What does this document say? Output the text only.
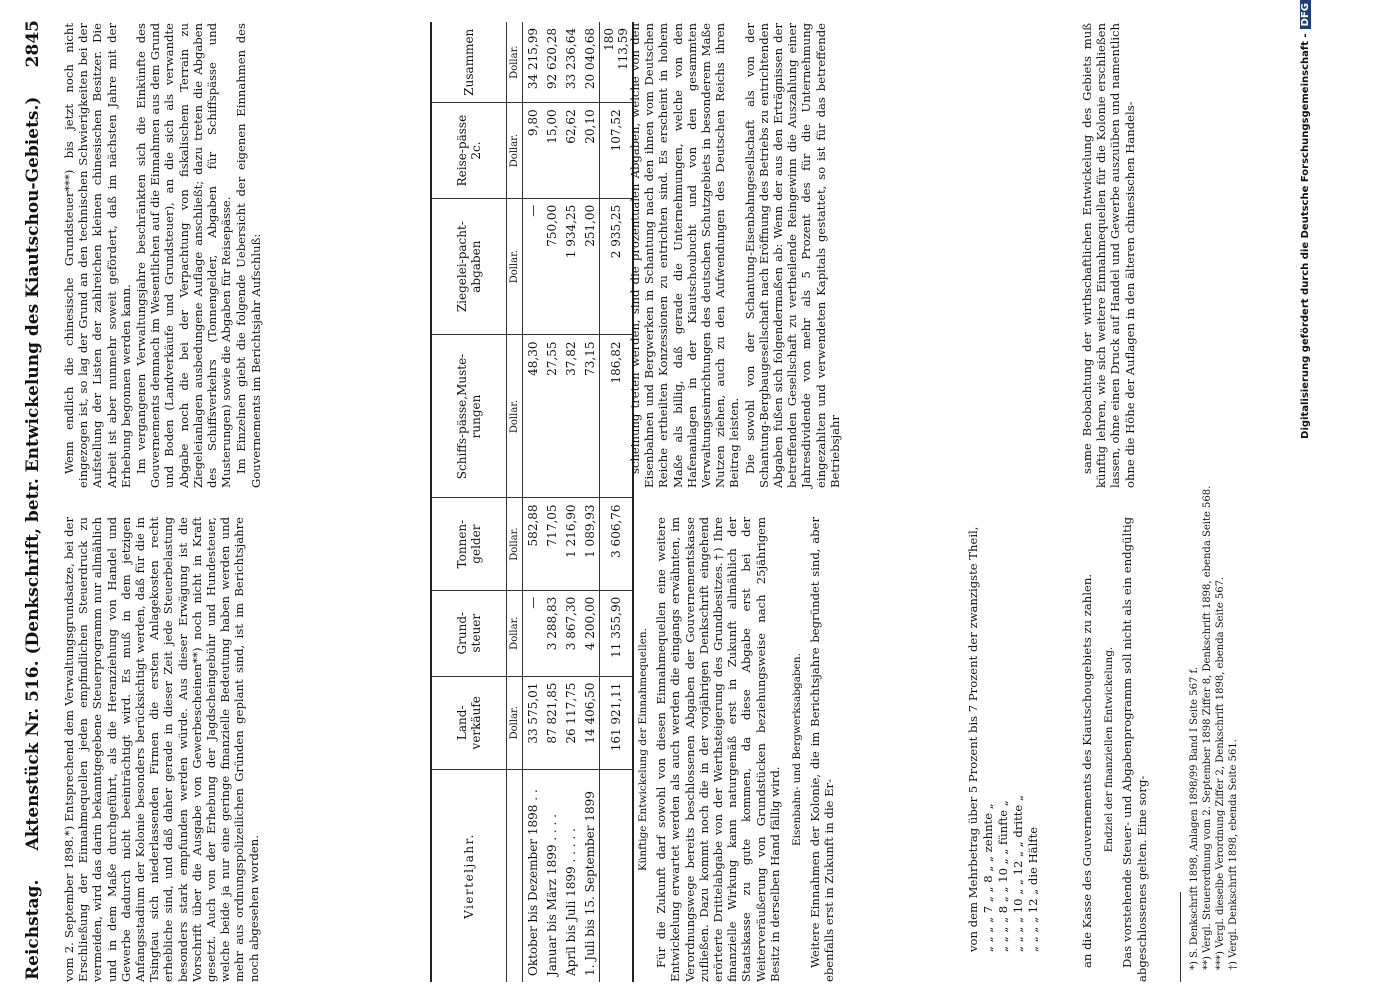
Reichstag.
Aktenstück Nr. 516. (Denkschrift, betr. Entwickelung des Kiautschou-Gebiets.)
2845

vom 2. September 1898.*) Entsprechend dem Verwaltungsgrundsatze, bei der Erschließung der Einnahmequellen jeden empfindlichen Steuerdruck zu vermeiden, wird das darin bekanntgegebene Steuerprogramm nur allmählich und in dem Maße durchgeführt, als die Heranziehung von Handel und Gewerbe dadurch nicht beeinträchtigt wird. Es muß in dem jetzigen Anfangsstadium der Kolonie besonders berücksichtigt werden, daß für die in Tsingtau sich niederlassenden Firmen die ersten Anlagekosten recht erhebliche sind, und daß daher gerade in dieser Zeit jede Steuerbelastung besonders stark empfunden werden würde. Aus dieser Erwägung ist die Vorschrift über die Ausgabe von Gewerbescheinen**) noch nicht in Kraft gesetzt. Auch von der Erhebung der Jagdscheingebühr und Hundesteuer, welche beide ja nur eine geringe finanzielle Bedeutung haben werden und mehr aus ordnungspolizeilichen Gründen geplant sind, ist im Berichtsjahre noch abgesehen worden.

Wenn endlich die chinesische Grundsteuer***) bis jetzt noch nicht eingezogen ist, so lag der Grund an den technischen Schwierigkeiten bei der Aufstellung der Listen der zahlreichen kleinen chinesischen Besitzer. Die Arbeit ist aber nunmehr soweit gefördert, daß im nächsten Jahre mit der Erhebung begonnen werden kann. Im vergangenen Verwaltungsjahre beschränkten sich die Einkünfte des Gouvernements demnach im Wesentlichen auf die Einnahmen aus dem Grund und Boden (Landverkäufe und Grundsteuer), an die sich als verwandte Abgabe noch die bei der Verpachtung von fiskalischem Terrain zu Ziegeleianlagen ausbedungene Auflage anschließt; dazu treten die Abgaben des Schiffsverkehrs (Tonnengelder, Abgaben für Schiffspässe und Musterungen) sowie die Abgaben für Reisepässe. Im Einzelnen giebt die folgende Uebersicht der eigenen Einnahmen des Gouvernements im Berichtsjahr Aufschluß:

Vierteljahr.	Land-verkäufe	Grund-steuer	Tonnen-gelder	Schiffs-pässe,Muste-rungen	Ziegelei-pacht-abgaben	Reise-pässe 2c.	Zusammen
	Dollar.	Dollar.	Dollar.	Dollar.	Dollar.	Dollar.	Dollar.
Oktober bis Dezember 1898 . .	33 575,01	—	582,88	48,30	—	9,80	34 215,99
Januar bis März 1899 . . . .	87 821,85	3 288,83	717,05	27,55	750,00	15,00	92 620,28
April bis Juli 1899 . . . . .	26 117,75	3 867,30	1 216,90	37,82	1 934,25	62,62	33 236,64
1. Juli bis 15. September 1899	14 406,50	4 200,00	1 089,93	73,15	251,00	20,10	20 040,68
	161 921,11	11 355,90	3 606,76	186,82	2 935,25	107,52	180 113,59
Künftige Entwickelung der Einnahmequellen. Für die Zukunft darf sowohl von diesen Einnahmequellen eine weitere Entwickelung erwartet werden als auch werden die eingangs erwähnten, im Verordnungswege bereits beschlossenen Abgaben der Gouvernementskasse zufließen. Dazu kommt noch die in der vorjährigen Denkschrift eingehend erörterte Drittelabgabe von der Werthsteigerung des Grundbesitzes.†) Ihre finanzielle Wirkung kann naturgemäß erst in Zukunft allmählich der Staatskasse zu gute kommen, da diese Abgabe erst bei der Weiterveräußerung von Grundstücken beziehungsweise nach 25jährigem Besitz in derselben Hand fällig wird.

Eisenbahn- und Bergwerksabgaben. Weitere Einnahmen der Kolonie, die im Berichtsjahre begründet sind, aber ebenfalls erst in Zukunft in die Er-

scheinung treten werden, sind die prozentualen Abgaben, welche von den Eisenbahnen und Bergwerken in Schantung nach den ihnen vom Deutschen Reiche ertheilten Konzessionen zu entrichten sind. Es erscheint in hohem Maße als billig, daß gerade die Unternehmungen, welche von den Hafenanlagen in der Kiautschoubucht und von den gesammten Verwaltungseinrichtungen des deutschen Schutzgebiets in besonderem Maße Nutzen ziehen, auch zu den Aufwendungen des Deutschen Reichs ihren Beitrag leisten. Die sowohl von der Schantung-Eisenbahngesellschaft als von der Schantung-Bergbaugesellschaft nach Eröffnung des Betriebs zu entrichtenden Abgaben fußen sich folgendermaßen ab: Wenn der aus den Erträgnissen der betreffenden Gesellschaft zu vertheilende Reingewinn die Auszahlung einer Jahresdividende von mehr als 5 Prozent des für die Unternehmung eingezahlten und verwendeten Kapitals gestattet, so ist für das betreffende Betriebsjahr

von dem Mehrbetrag über 5 Prozent bis 7 Prozent der zwanzigste Theil, „ „ „ „ 7 „ „ 8 „ „ zehnte „ „ „ „ „ 8 „ „ 10 „ „ fünfte „ „ „ „ „ 10 „ „ 12 „ „ dritte „ „ „ „ „ 12 „ die Hälfte	an die Kasse des Gouvernements des Kiautschougebiets zu zahlen. Endziel der finanziellen Entwickelung. Das vorstehende Steuer- und Abgabenprogramm soll nicht als ein endgültig abgeschlossenes gelten. Eine sorg-

same Beobachtung der wirthschaftlichen Entwickelung des Gebiets muß künftig lehren, wie sich weitere Einnahmequellen für die Kolonie erschließen lassen, ohne einen Druck auf Handel und Gewerbe auszuüben und namentlich ohne die Höhe der Auflagen in den älteren chinesischen Handels-

*) S. Denkschrift 1898, Anlagen 1898/99 Band I Seite 567 f. **) Vergl. Steuerordnung vom 2. September 1898 Ziffer 8, Denkschrift 1898, ebenda Seite 568. ***) Vergl. dieselbe Verordnung Ziffer 2, Denkschrift 1898, ebenda Seite 567. †) Vergl. Denkschrift 1898, ebenda Seite 561.
Digitalisierung gefördert durch die Deutsche Forschungsgemeinschaft -DFG
